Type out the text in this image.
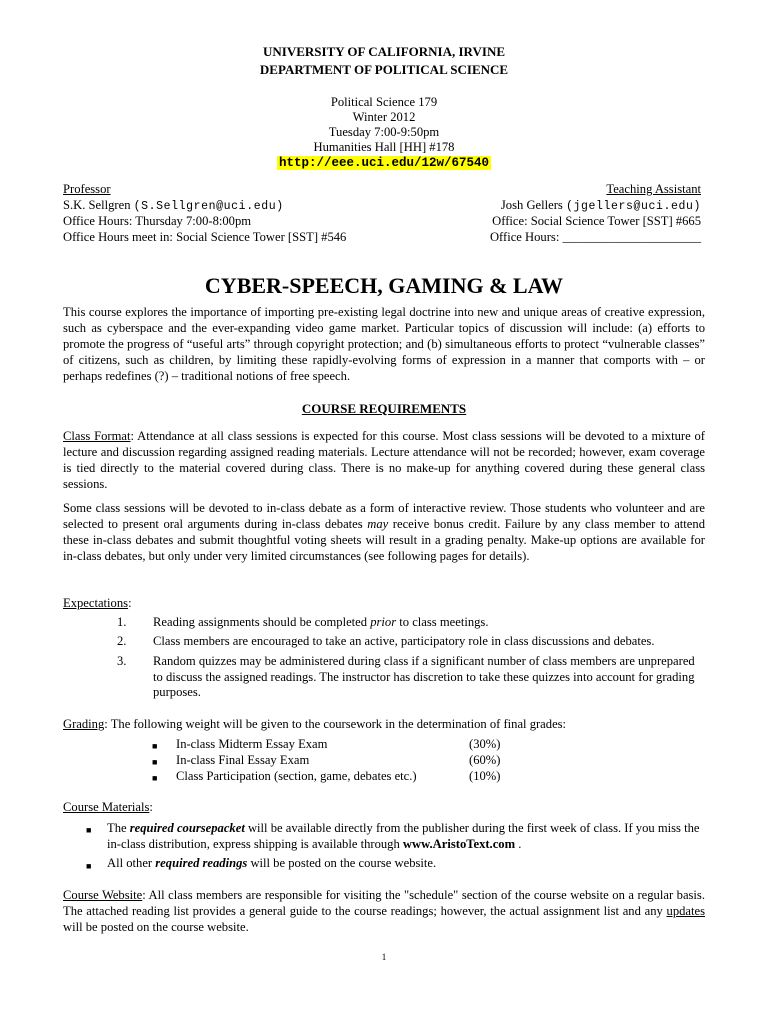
UNIVERSITY OF CALIFORNIA, IRVINE
DEPARTMENT OF POLITICAL SCIENCE
Political Science 179
Winter 2012
Tuesday 7:00-9:50pm
Humanities Hall [HH] #178
http://eee.uci.edu/12w/67540
Professor
S.K. Sellgren (S.Sellgren@uci.edu)
Office Hours: Thursday 7:00-8:00pm
Office Hours meet in: Social Science Tower [SST] #546
Teaching Assistant
Josh Gellers (jgellers@uci.edu)
Office: Social Science Tower [SST] #665
Office Hours: ______________________
CYBER-SPEECH, GAMING & LAW
This course explores the importance of importing pre-existing legal doctrine into new and unique areas of creative expression, such as cyberspace and the ever-expanding video game market. Particular topics of discussion will include: (a) efforts to promote the progress of “useful arts” through copyright protection; and (b) simultaneous efforts to protect “vulnerable classes” of citizens, such as children, by limiting these rapidly-evolving forms of expression in a manner that comports with – or perhaps redefines (?) – traditional notions of free speech.
COURSE REQUIREMENTS
Class Format: Attendance at all class sessions is expected for this course. Most class sessions will be devoted to a mixture of lecture and discussion regarding assigned reading materials. Lecture attendance will not be recorded; however, exam coverage is tied directly to the material covered during class. There is no make-up for anything covered during these general class sessions.
Some class sessions will be devoted to in-class debate as a form of interactive review. Those students who volunteer and are selected to present oral arguments during in-class debates may receive bonus credit. Failure by any class member to attend these in-class debates and submit thoughtful voting sheets will result in a grading penalty. Make-up options are available for in-class debates, but only under very limited circumstances (see following pages for details).
Expectations:
1.	Reading assignments should be completed prior to class meetings.
2.	Class members are encouraged to take an active, participatory role in class discussions and debates.
3.	Random quizzes may be administered during class if a significant number of class members are unprepared to discuss the assigned readings. The instructor has discretion to take these quizzes into account for grading purposes.
Grading: The following weight will be given to the coursework in the determination of final grades:
■ In-class Midterm Essay Exam	(30%)
■ In-class Final Essay Exam	(60%)
■ Class Participation (section, game, debates etc.)	(10%)
Course Materials:
■ The required coursepacket will be available directly from the publisher during the first week of class. If you miss the in-class distribution, express shipping is available through www.AristoText.com .
■ All other required readings will be posted on the course website.
Course Website: All class members are responsible for visiting the "schedule" section of the course website on a regular basis. The attached reading list provides a general guide to the course readings; however, the actual assignment list and any updates will be posted on the course website.
1
